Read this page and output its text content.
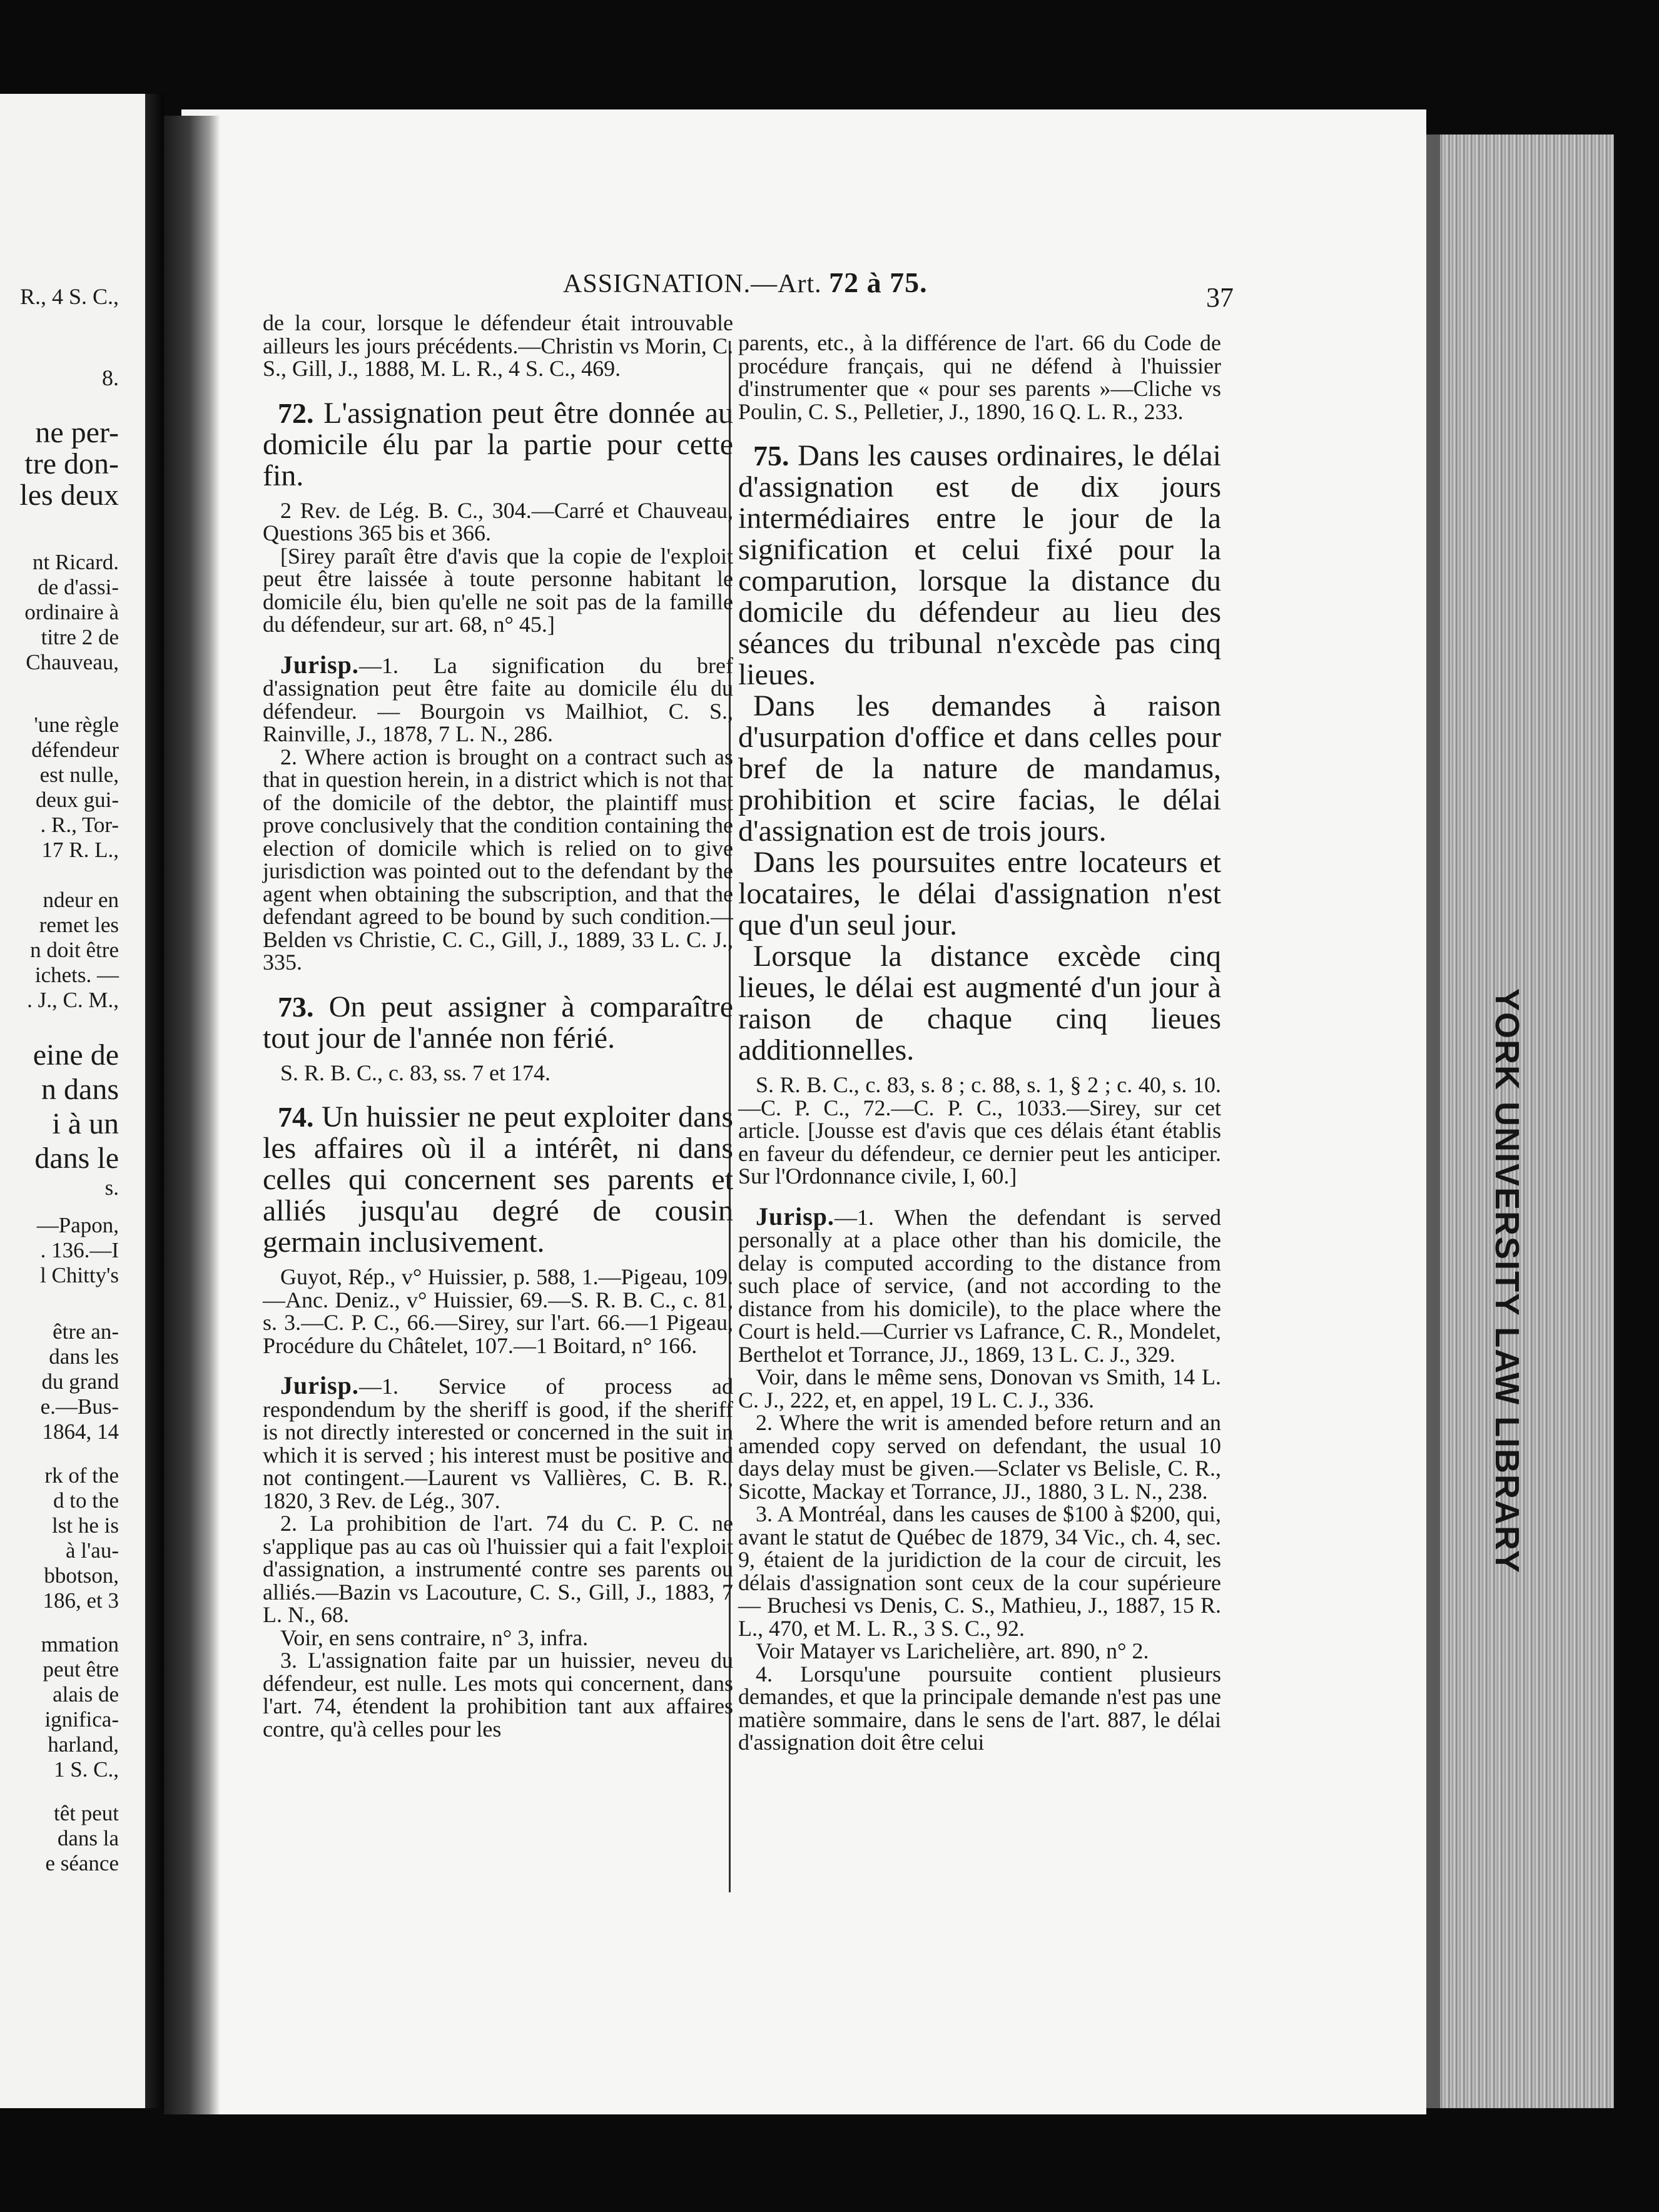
R., 4 S. C.,
8.
ne per-
tre don-
les deux
nt Ricard.
de d'assi-
ordinaire à
titre 2 de
Chauveau,
'une règle
défendeur
est nulle,
deux gui-
. R., Tor-
17 R. L.,
ndeur en
remet les
n doit être
ichets. —
. J., C. M.,
eine de
n dans
i à un
dans le
s.
—Papon,
. 136.—I
l Chitty's
être an-
dans les
du grand
e.—Bus-
1864, 14
rk of the
d to the
lst he is
à l'au-
bbotson,
186, et 3
mmation
peut être
alais de
ignifica-
harland,
1 S. C.,
têt peut
dans la
e séance
YORK UNIVERSITY LAW LIBRARY
ASSIGNATION.—Art. 72 à 75.	37

de la cour, lorsque le défendeur était introuvable ailleurs les jours précédents.—Christin vs Morin, C. S., Gill, J., 1888, M. L. R., 4 S. C., 469.

72. L'assignation peut être donnée au domicile élu par la partie pour cette fin.

2 Rev. de Lég. B. C., 304.—Carré et Chauveau, Questions 365 bis et 366.

[Sirey paraît être d'avis que la copie de l'exploit peut être laissée à toute personne habitant le domicile élu, bien qu'elle ne soit pas de la famille du défendeur, sur art. 68, n° 45.]

Jurisp.—1. La signification du bref d'assignation peut être faite au domicile élu du défendeur. — Bourgoin vs Mailhiot, C. S., Rainville, J., 1878, 7 L. N., 286.

2. Where action is brought on a contract such as that in question herein, in a district which is not that of the domicile of the debtor, the plaintiff must prove conclusively that the condition containing the election of domicile which is relied on to give jurisdiction was pointed out to the defendant by the agent when obtaining the subscription, and that the defendant agreed to be bound by such condition.—Belden vs Christie, C. C., Gill, J., 1889, 33 L. C. J., 335.

73. On peut assigner à comparaître tout jour de l'année non férié.

S. R. B. C., c. 83, ss. 7 et 174.

74. Un huissier ne peut exploiter dans les affaires où il a intérêt, ni dans celles qui concernent ses parents et alliés jusqu'au degré de cousin germain inclusivement.

Guyot, Rép., v° Huissier, p. 588, 1.—Pigeau, 109.—Anc. Deniz., v° Huissier, 69.—S. R. B. C., c. 81, s. 3.—C. P. C., 66.—Sirey, sur l'art. 66.—1 Pigeau, Procédure du Châtelet, 107.—1 Boitard, n° 166.

Jurisp.—1. Service of process ad respondendum by the sheriff is good, if the sheriff is not directly interested or concerned in the suit in which it is served ; his interest must be positive and not contingent.—Laurent vs Vallières, C. B. R., 1820, 3 Rev. de Lég., 307.

2. La prohibition de l'art. 74 du C. P. C. ne s'applique pas au cas où l'huissier qui a fait l'exploit d'assignation, a instrumenté contre ses parents ou alliés.—Bazin vs Lacouture, C. S., Gill, J., 1883, 7 L. N., 68.

Voir, en sens contraire, n° 3, infra.

3. L'assignation faite par un huissier, neveu du défendeur, est nulle. Les mots qui concernent, dans l'art. 74, étendent la prohibition tant aux affaires contre, qu'à celles pour les

parents, etc., à la différence de l'art. 66 du Code de procédure français, qui ne défend à l'huissier d'instrumenter que « pour ses parents »—Cliche vs Poulin, C. S., Pelletier, J., 1890, 16 Q. L. R., 233.

75. Dans les causes ordinaires, le délai d'assignation est de dix jours intermédiaires entre le jour de la signification et celui fixé pour la comparution, lorsque la distance du domicile du défendeur au lieu des séances du tribunal n'excède pas cinq lieues.

Dans les demandes à raison d'usurpation d'office et dans celles pour bref de la nature de mandamus, prohibition et scire facias, le délai d'assignation est de trois jours.

Dans les poursuites entre locateurs et locataires, le délai d'assignation n'est que d'un seul jour.

Lorsque la distance excède cinq lieues, le délai est augmenté d'un jour à raison de chaque cinq lieues additionnelles.

S. R. B. C., c. 83, s. 8 ; c. 88, s. 1, § 2 ; c. 40, s. 10.—C. P. C., 72.—C. P. C., 1033.—Sirey, sur cet article. [Jousse est d'avis que ces délais étant établis en faveur du défendeur, ce dernier peut les anticiper. Sur l'Ordonnance civile, I, 60.]

Jurisp.—1. When the defendant is served personally at a place other than his domicile, the delay is computed according to the distance from such place of service, (and not according to the distance from his domicile), to the place where the Court is held.—Currier vs Lafrance, C. R., Mondelet, Berthelot et Torrance, JJ., 1869, 13 L. C. J., 329.

Voir, dans le même sens, Donovan vs Smith, 14 L. C. J., 222, et, en appel, 19 L. C. J., 336.

2. Where the writ is amended before return and an amended copy served on defendant, the usual 10 days delay must be given.—Sclater vs Belisle, C. R., Sicotte, Mackay et Torrance, JJ., 1880, 3 L. N., 238.

3. A Montréal, dans les causes de $100 à $200, qui, avant le statut de Québec de 1879, 34 Vic., ch. 4, sec. 9, étaient de la juridiction de la cour de circuit, les délais d'assignation sont ceux de la cour supérieure — Bruchesi vs Denis, C. S., Mathieu, J., 1887, 15 R. L., 470, et M. L. R., 3 S. C., 92.

Voir Matayer vs Larichelière, art. 890, n° 2.

4. Lorsqu'une poursuite contient plusieurs demandes, et que la principale demande n'est pas une matière sommaire, dans le sens de l'art. 887, le délai d'assignation doit être celui
